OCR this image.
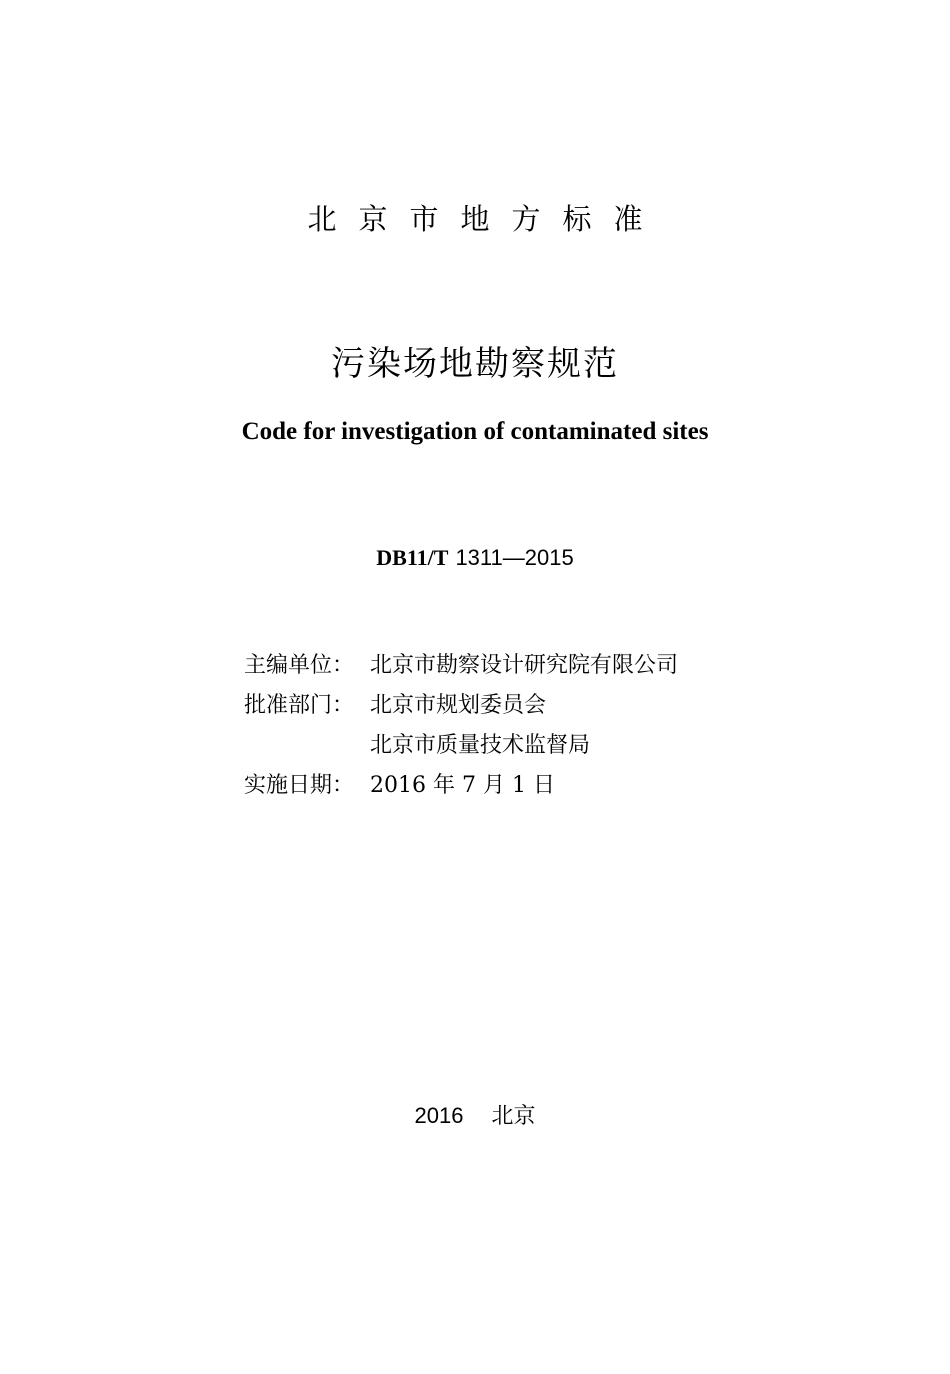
北京市地方标准
污染场地勘察规范
Code for investigation of contaminated sites
DB11/T 1311—2015
主编单位： 北京市勘察设计研究院有限公司
批准部门： 北京市规划委员会
北京市质量技术监督局
实施日期： 2016 年 7 月 1 日
2016 北京
